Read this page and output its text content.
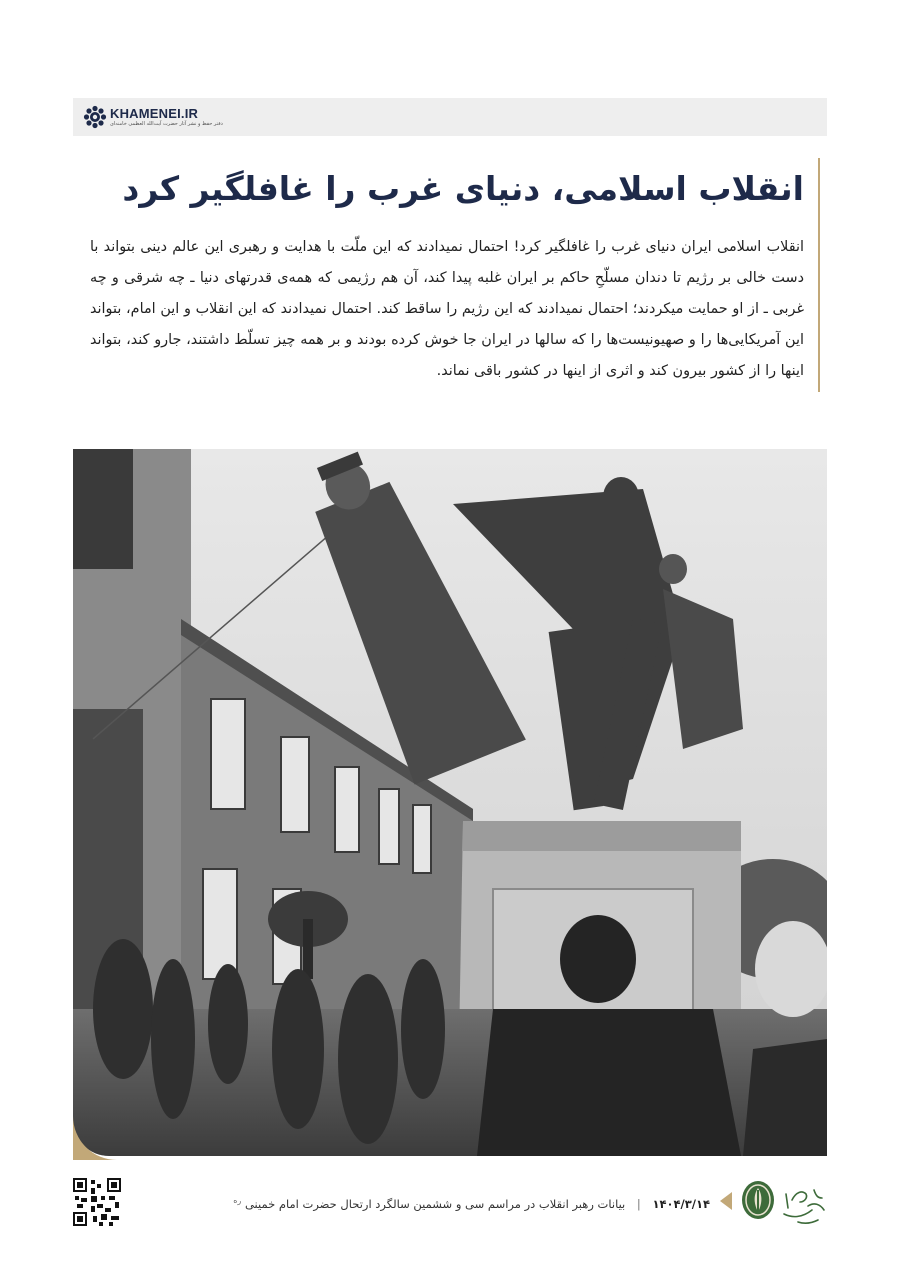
KHAMENEI.IR
دفتر حفظ و نشر آثار حضرت آیت‌الله العظمی خامنه‌ای
انقلاب اسلامی، دنیای غرب را غافلگیر کرد

انقلاب اسلامی ایران دنیای غرب را غافلگیر کرد! احتمال نمیدادند که این ملّت با هدایت و رهبری این عالم دینی بتواند با دست خالی بر رژیم تا دندان مسلّحِ حاکم بر ایران غلبه پیدا کند، آن هم رژیمی که همه‌ی قدرتهای دنیا ـ چه شرقی و چه غربی ـ از او حمایت میکردند؛ احتمال نمیدادند که این رژیم را ساقط کند. احتمال نمیدادند که این انقلاب و این امام، بتواند این آمریکایی‌ها را و صهیونیست‌ها را که سالها در ایران جا خوش کرده بودند و بر همه چیز تسلّط داشتند، جارو کند، بتواند اینها را از کشور بیرون کند و اثری از اینها در کشور باقی نماند.

۱۴۰۴/۳/۱۴ | بیانات رهبر انقلاب در مراسم سی و ششمین سالگرد ارتحال حضرت امام خمینی $^{ره}$
